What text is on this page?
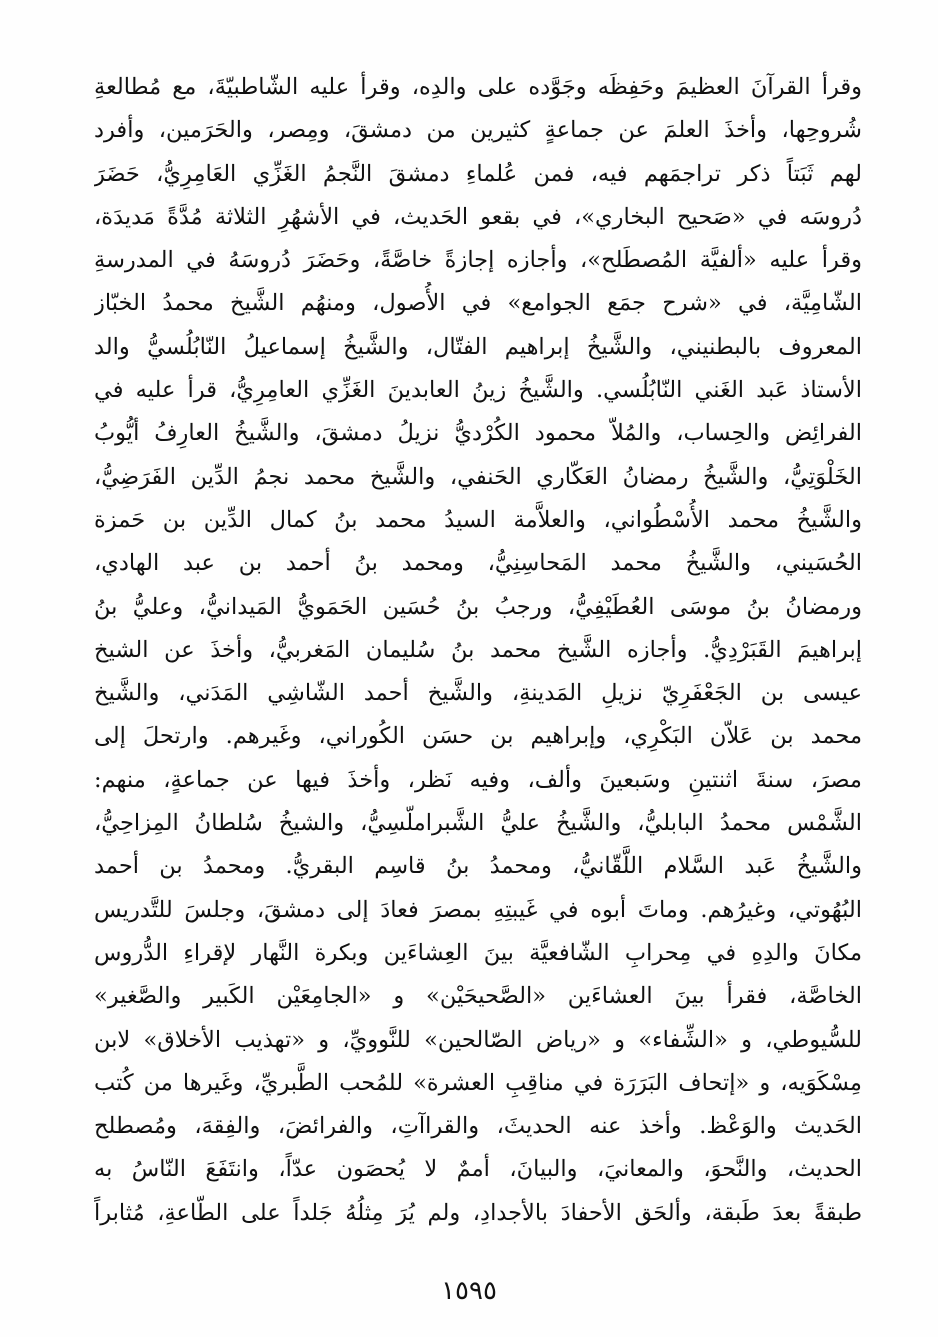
وقرأ القرآنَ العظيمَ وحَفِظَه وجَوَّده على والدِه، وقرأ عليه الشّاطبيّةَ، مع مُطالعةِ
شُروحِها، وأخذَ العلمَ عن جماعةٍ كثيرين من دمشقَ، ومِصر، والحَرَمين، وأفرد
لهم ثَبَتاً ذكر تراجمَهم فيه، فمن عُلماءِ دمشقَ النَّجمُ الغَزِّي العَامِرِيُّ، حَضَرَ
دُروسَه في «صَحيح البخاري»، في بقعو الحَديث، في الأشهُرِ الثلاثة مُدَّةً مَديدَة،
وقرأ عليه «ألفيَّة المُصطَلح»، وأجازه إجازةً خاصَّةً، وحَضَرَ دُروسَهُ في المدرسةِ
الشّامِيَّة، في «شرح جمَع الجوامع» في الأُصول، ومنهُم الشَّيخ محمدُ الخبّاز
المعروف بالبطنيني، والشَّيخُ إبراهيم الفتّال، والشَّيخُ إسماعيلُ النّابُلُسيُّ والد
الأستاذ عَبد الغَني النّابُلُسي. والشَّيخُ زينُ العابدينَ الغَزِّي العامِرِيُّ، قرأ عليه في
الفرائِض والحِساب، والمُلاّ محمود الكُرْديُّ نزيلُ دمشقَ، والشَّيخُ العارِفُ أيُّوبُ
الخَلْوَتِيُّ، والشَّيخُ رمضانُ العَكّاري الحَنفي، والشَّيخ محمد نجمُ الدِّين الفَرَضِيُّ،
والشَّيخُ محمد الأُسْطُواني، والعلاَّمة السيدُ محمد بنُ كمال الدِّين بن حَمزة
الحُسَيني، والشَّيخُ محمد المَحاسِنِيُّ، ومحمد بنُ أحمد بن عبد الهادي،
ورمضانُ بنُ موسَى العُطَيْفِيُّ، ورجبُ بنُ حُسَين الحَمَويُّ المَيدانيُّ، وعليُّ بنُ
إبراهيمَ القَبَرْدِيُّ. وأجازه الشَّيخ محمد بنُ سُليمان المَغربيُّ، وأخذَ عن الشيخ
عيسى بن الجَعْفَرِيّ نزيلِ المَدينةِ، والشَّيخ أحمد الشّاشِي المَدَني، والشَّيخ
محمد بن عَلاّن البَكْرِي، وإبراهيم بن حسَن الكُوراني، وغَيرهم. وارتحلَ إلى
مصرَ، سنةَ اثنتينِ وسَبعينَ وألف، وفيه نَظر، وأخذَ فيها عن جماعةٍ، منهم:
الشَّمْس محمدُ البابليُّ، والشَّيخُ عليُّ الشَّبراملّسِيُّ، والشيخُ سُلطانُ المِزاحِيُّ،
والشَّيخُ عَبد السَّلام اللَّقّانيُّ، ومحمدُ بنُ قاسِم البقريُّ. ومحمدُ بن أحمد
البُهُوتي، وغيرُهم. وماتَ أبوه في غَيبتِهِ بمصرَ فعادَ إلى دمشقَ، وجلسَ للتَّدريس
مكانَ والدِهِ في مِحرابِ الشّافعيَّة بينَ العِشاءَين وبكرة النَّهار لإقراءِ الدُّروس
الخاصَّة، فقرأ بينَ العشاءَين «الصَّحيحَيْن» و «الجامِعَيْن الكَبير والصَّغير»
للسُّيوطي، و «الشِّفاء» و «رياض الصّالحين» للنَّوويِّ، و «تهذيب الأخلاق» لابن
مِسْكَوَيه، و «إتحاف البَرَرَة في مناقِبِ العشرة» للمُحب الطَّبريِّ، وغَيرها من كُتب
الحَديث والوَعْظ. وأخذ عنه الحديثَ، والقراآتِ، والفرائضَ، والفِقهَ، ومُصطلح
الحديث، والنَّحوَ، والمعانيَ، والبيانَ، أممٌ لا يُحصَون عدّاً، وانتَفَعَ النّاسُ به
طبقةً بعدَ طَبقة، وألحَق الأحفادَ بالأجدادِ، ولم يُرَ مِثلُهُ جَلداً على الطّاعةِ، مُثابراً
١٥٩٥
